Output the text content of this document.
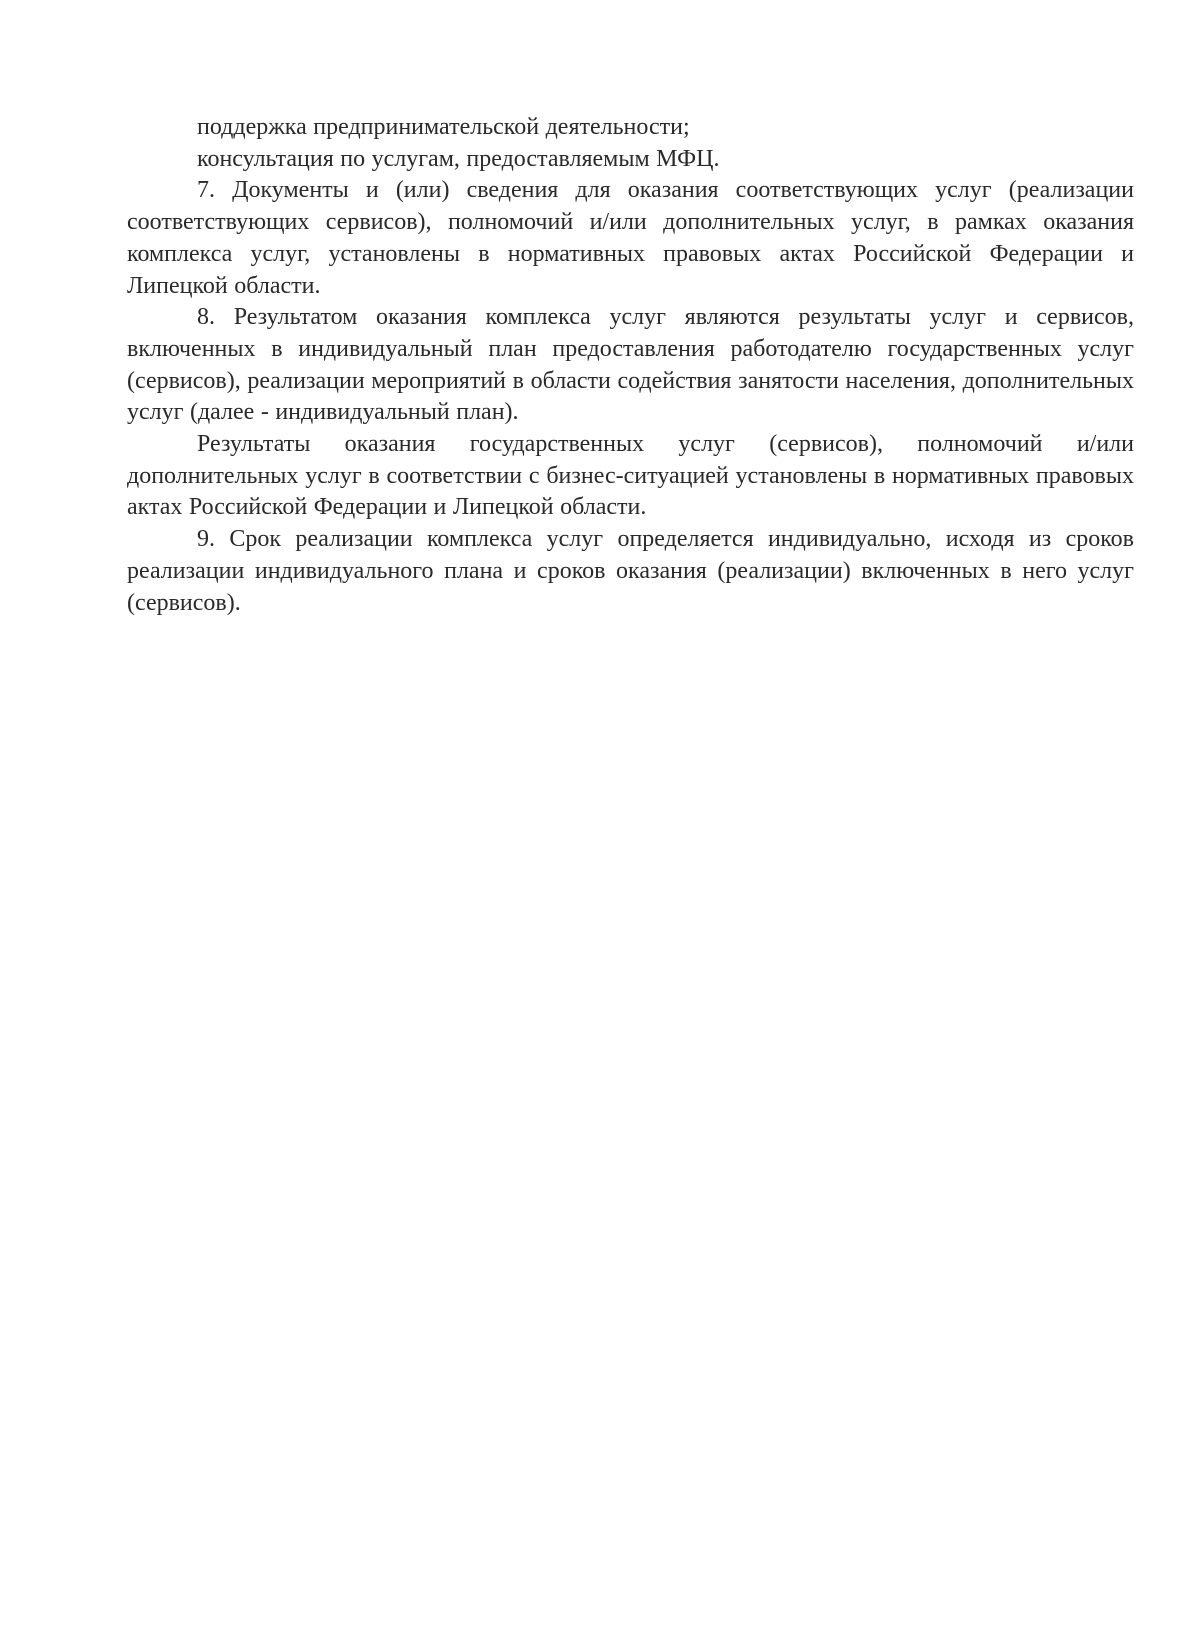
поддержка предпринимательской деятельности;

консультация по услугам, предоставляемым МФЦ.

7. Документы и (или) сведения для оказания соответствующих услуг (реализации соответствующих сервисов), полномочий и/или дополнительных услуг, в рамках оказания комплекса услуг, установлены в нормативных правовых актах Российской Федерации и Липецкой области.

8. Результатом оказания комплекса услуг являются результаты услуг и сервисов, включенных в индивидуальный план предоставления работодателю государственных услуг (сервисов), реализации мероприятий в области содействия занятости населения, дополнительных услуг (далее - индивидуальный план).

Результаты оказания государственных услуг (сервисов), полномочий и/или дополнительных услуг в соответствии с бизнес-ситуацией установлены в нормативных правовых актах Российской Федерации и Липецкой области.

9. Срок реализации комплекса услуг определяется индивидуально, исходя из сроков реализации индивидуального плана и сроков оказания (реализации) включенных в него услуг (сервисов).
